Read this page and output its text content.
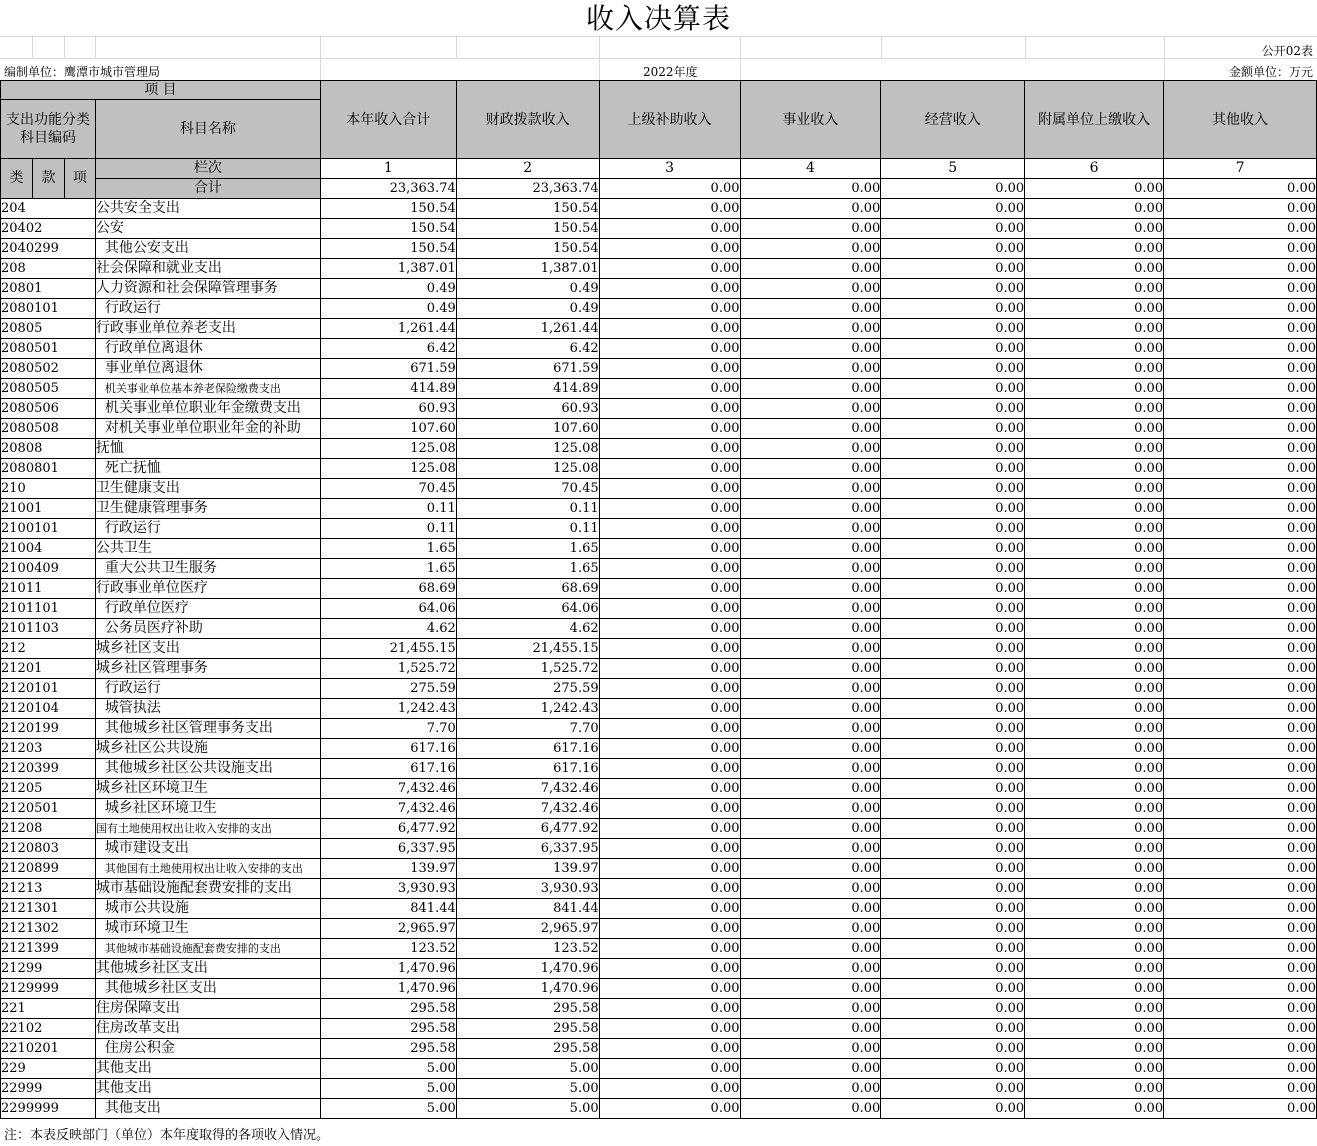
收入决算表
公开02表
编制单位：鹰潭市城市管理局	2022年度	金额单位：万元
项 目				本年收入合计	财政拨款收入	上级补助收入	事业收入	经营收入	附属单位上缴收入	其他收入
支出功能分类科目编码			科目名称							
类	款	项	栏次	1	2	3	4	5	6	7
			合计	23,363.74	23,363.74	0.00	0.00	0.00	0.00	0.00
204			公共安全支出	150.54	150.54	0.00	0.00	0.00	0.00	0.00
20402			公安	150.54	150.54	0.00	0.00	0.00	0.00	0.00
2040299			其他公安支出	150.54	150.54	0.00	0.00	0.00	0.00	0.00
208			社会保障和就业支出	1,387.01	1,387.01	0.00	0.00	0.00	0.00	0.00
20801			人力资源和社会保障管理事务	0.49	0.49	0.00	0.00	0.00	0.00	0.00
2080101			行政运行	0.49	0.49	0.00	0.00	0.00	0.00	0.00
20805			行政事业单位养老支出	1,261.44	1,261.44	0.00	0.00	0.00	0.00	0.00
2080501			行政单位离退休	6.42	6.42	0.00	0.00	0.00	0.00	0.00
2080502			事业单位离退休	671.59	671.59	0.00	0.00	0.00	0.00	0.00
2080505			机关事业单位基本养老保险缴费支出	414.89	414.89	0.00	0.00	0.00	0.00	0.00
2080506			机关事业单位职业年金缴费支出	60.93	60.93	0.00	0.00	0.00	0.00	0.00
2080508			对机关事业单位职业年金的补助	107.60	107.60	0.00	0.00	0.00	0.00	0.00
20808			抚恤	125.08	125.08	0.00	0.00	0.00	0.00	0.00
2080801			死亡抚恤	125.08	125.08	0.00	0.00	0.00	0.00	0.00
210			卫生健康支出	70.45	70.45	0.00	0.00	0.00	0.00	0.00
21001			卫生健康管理事务	0.11	0.11	0.00	0.00	0.00	0.00	0.00
2100101			行政运行	0.11	0.11	0.00	0.00	0.00	0.00	0.00
21004			公共卫生	1.65	1.65	0.00	0.00	0.00	0.00	0.00
2100409			重大公共卫生服务	1.65	1.65	0.00	0.00	0.00	0.00	0.00
21011			行政事业单位医疗	68.69	68.69	0.00	0.00	0.00	0.00	0.00
2101101			行政单位医疗	64.06	64.06	0.00	0.00	0.00	0.00	0.00
2101103			公务员医疗补助	4.62	4.62	0.00	0.00	0.00	0.00	0.00
212			城乡社区支出	21,455.15	21,455.15	0.00	0.00	0.00	0.00	0.00
21201			城乡社区管理事务	1,525.72	1,525.72	0.00	0.00	0.00	0.00	0.00
2120101			行政运行	275.59	275.59	0.00	0.00	0.00	0.00	0.00
2120104			城管执法	1,242.43	1,242.43	0.00	0.00	0.00	0.00	0.00
2120199			其他城乡社区管理事务支出	7.70	7.70	0.00	0.00	0.00	0.00	0.00
21203			城乡社区公共设施	617.16	617.16	0.00	0.00	0.00	0.00	0.00
2120399			其他城乡社区公共设施支出	617.16	617.16	0.00	0.00	0.00	0.00	0.00
21205			城乡社区环境卫生	7,432.46	7,432.46	0.00	0.00	0.00	0.00	0.00
2120501			城乡社区环境卫生	7,432.46	7,432.46	0.00	0.00	0.00	0.00	0.00
21208			国有土地使用权出让收入安排的支出	6,477.92	6,477.92	0.00	0.00	0.00	0.00	0.00
2120803			城市建设支出	6,337.95	6,337.95	0.00	0.00	0.00	0.00	0.00
2120899			其他国有土地使用权出让收入安排的支出	139.97	139.97	0.00	0.00	0.00	0.00	0.00
21213			城市基础设施配套费安排的支出	3,930.93	3,930.93	0.00	0.00	0.00	0.00	0.00
2121301			城市公共设施	841.44	841.44	0.00	0.00	0.00	0.00	0.00
2121302			城市环境卫生	2,965.97	2,965.97	0.00	0.00	0.00	0.00	0.00
2121399			其他城市基础设施配套费安排的支出	123.52	123.52	0.00	0.00	0.00	0.00	0.00
21299			其他城乡社区支出	1,470.96	1,470.96	0.00	0.00	0.00	0.00	0.00
2129999			其他城乡社区支出	1,470.96	1,470.96	0.00	0.00	0.00	0.00	0.00
221			住房保障支出	295.58	295.58	0.00	0.00	0.00	0.00	0.00
22102			住房改革支出	295.58	295.58	0.00	0.00	0.00	0.00	0.00
2210201			住房公积金	295.58	295.58	0.00	0.00	0.00	0.00	0.00
229			其他支出	5.00	5.00	0.00	0.00	0.00	0.00	0.00
22999			其他支出	5.00	5.00	0.00	0.00	0.00	0.00	0.00
2299999			其他支出	5.00	5.00	0.00	0.00	0.00	0.00	0.00
注：本表反映部门（单位）本年度取得的各项收入情况。
